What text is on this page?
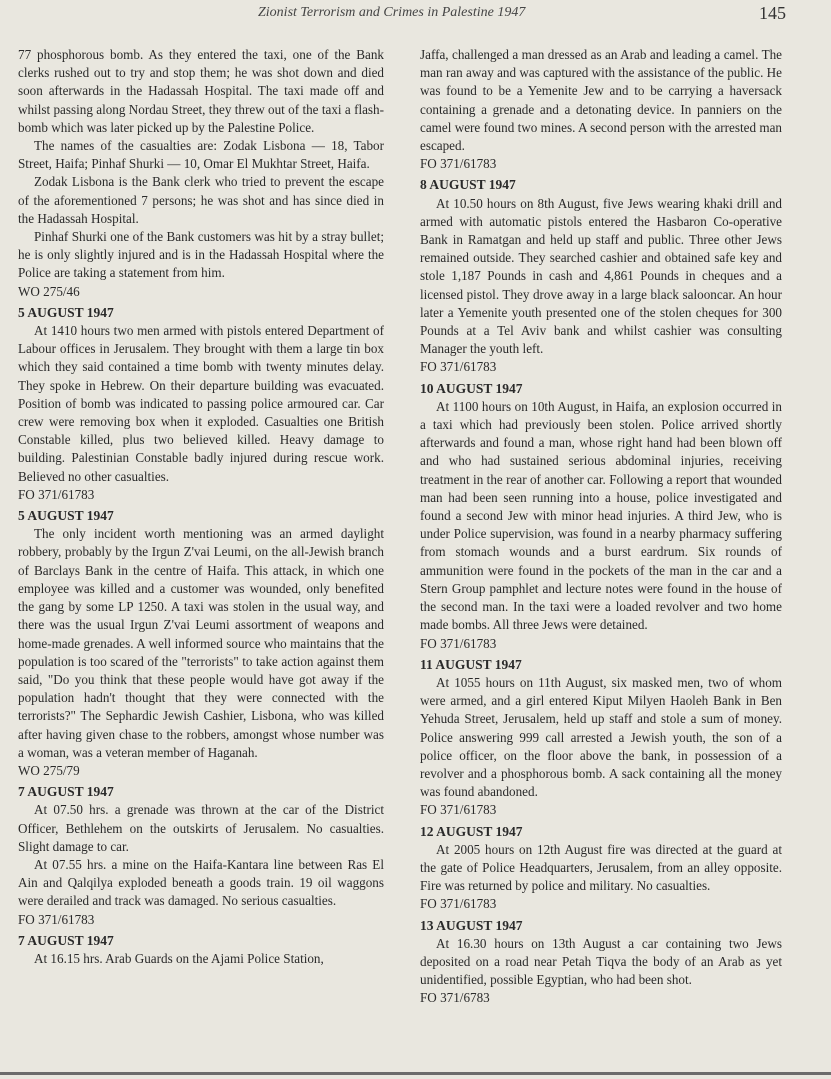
Zionist Terrorism and Crimes in Palestine 1947	145

77 phosphorous bomb. As they entered the taxi, one of the Bank clerks rushed out to try and stop them; he was shot down and died soon afterwards in the Hadassah Hospital. The taxi made off and whilst passing along Nordau Street, they threw out of the taxi a flash-bomb which was later picked up by the Palestine Police.

The names of the casualties are: Zodak Lisbona — 18, Tabor Street, Haifa; Pinhaf Shurki — 10, Omar El Mukhtar Street, Haifa.

Zodak Lisbona is the Bank clerk who tried to prevent the escape of the aforementioned 7 persons; he was shot and has since died in the Hadassah Hospital.

Pinhaf Shurki one of the Bank customers was hit by a stray bullet; he is only slightly injured and is in the Hadassah Hospital where the Police are taking a statement from him.

WO 275/46

5 AUGUST 1947

At 1410 hours two men armed with pistols entered Department of Labour offices in Jerusalem. They brought with them a large tin box which they said contained a time bomb with twenty minutes delay. They spoke in Hebrew. On their departure building was evacuated. Position of bomb was indicated to passing police armoured car. Car crew were removing box when it exploded. Casualties one British Constable killed, plus two believed killed. Heavy damage to building. Palestinian Constable badly injured during rescue work. Believed no other casualties.

FO 371/61783

5 AUGUST 1947

The only incident worth mentioning was an armed daylight robbery, probably by the Irgun Z'vai Leumi, on the all-Jewish branch of Barclays Bank in the centre of Haifa. This attack, in which one employee was killed and a customer was wounded, only benefited the gang by some LP 1250. A taxi was stolen in the usual way, and there was the usual Irgun Z'vai Leumi assortment of weapons and home-made grenades. A well informed source who maintains that the population is too scared of the "terrorists" to take action against them said, "Do you think that these people would have got away if the population hadn't thought that they were connected with the terrorists?" The Sephardic Jewish Cashier, Lisbona, who was killed after having given chase to the robbers, amongst whose number was a woman, was a veteran member of Haganah.

WO 275/79

7 AUGUST 1947

At 07.50 hrs. a grenade was thrown at the car of the District Officer, Bethlehem on the outskirts of Jerusalem. No casualties. Slight damage to car.

At 07.55 hrs. a mine on the Haifa-Kantara line between Ras El Ain and Qalqilya exploded beneath a goods train. 19 oil waggons were derailed and track was damaged. No serious casualties.

FO 371/61783

7 AUGUST 1947

At 16.15 hrs. Arab Guards on the Ajami Police Station,

Jaffa, challenged a man dressed as an Arab and leading a camel. The man ran away and was captured with the assistance of the public. He was found to be a Yemenite Jew and to be carrying a haversack containing a grenade and a detonating device. In panniers on the camel were found two mines. A second person with the arrested man escaped.

FO 371/61783

8 AUGUST 1947

At 10.50 hours on 8th August, five Jews wearing khaki drill and armed with automatic pistols entered the Hasbaron Co-operative Bank in Ramatgan and held up staff and public. Three other Jews remained outside. They searched cashier and obtained safe key and stole 1,187 Pounds in cash and 4,861 Pounds in cheques and a licensed pistol. They drove away in a large black salooncar. An hour later a Yemenite youth presented one of the stolen cheques for 300 Pounds at a Tel Aviv bank and whilst cashier was consulting Manager the youth left.

FO 371/61783

10 AUGUST 1947

At 1100 hours on 10th August, in Haifa, an explosion occurred in a taxi which had previously been stolen. Police arrived shortly afterwards and found a man, whose right hand had been blown off and who had sustained serious abdominal injuries, receiving treatment in the rear of another car. Following a report that wounded man had been seen running into a house, police investigated and found a second Jew with minor head injuries. A third Jew, who is under Police supervision, was found in a nearby pharmacy suffering from stomach wounds and a burst eardrum. Six rounds of ammunition were found in the pockets of the man in the car and a Stern Group pamphlet and lecture notes were found in the house of the second man. In the taxi were a loaded revolver and two home made bombs. All three Jews were detained.

FO 371/61783

11 AUGUST 1947

At 1055 hours on 11th August, six masked men, two of whom were armed, and a girl entered Kiput Milyen Haoleh Bank in Ben Yehuda Street, Jerusalem, held up staff and stole a sum of money. Police answering 999 call arrested a Jewish youth, the son of a police officer, on the floor above the bank, in possession of a revolver and a phosphorous bomb. A sack containing all the money was found abandoned.

FO 371/61783

12 AUGUST 1947

At 2005 hours on 12th August fire was directed at the guard at the gate of Police Headquarters, Jerusalem, from an alley opposite. Fire was returned by police and military. No casualties.

FO 371/61783

13 AUGUST 1947

At 16.30 hours on 13th August a car containing two Jews deposited on a road near Petah Tiqva the body of an Arab as yet unidentified, possible Egyptian, who had been shot.

FO 371/6783
